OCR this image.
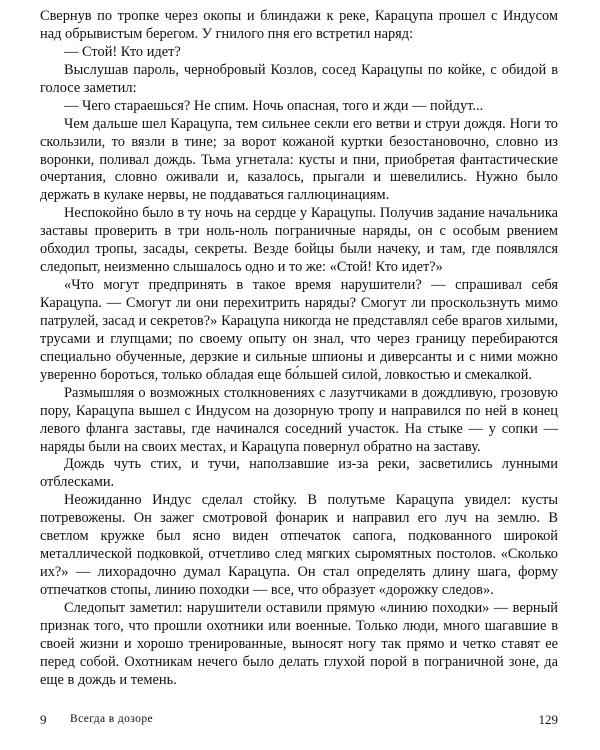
Свернув по тропке через окопы и блиндажи к реке, Карацупа прошел с Индусом над обрывистым берегом. У гнилого пня его встретил наряд:

— Стой! Кто идет?

Выслушав пароль, чернобровый Козлов, сосед Карацупы по койке, с обидой в голосе заметил:

— Чего стараешься? Не спим. Ночь опасная, того и жди — пойдут...

Чем дальше шел Карацупа, тем сильнее секли его ветви и струи дождя. Ноги то скользили, то вязли в тине; за ворот кожаной куртки безостановочно, словно из воронки, поливал дождь. Тьма угнетала: кусты и пни, приобретая фантастические очертания, словно оживали и, казалось, прыгали и шевелились. Нужно было держать в кулаке нервы, не поддаваться галлюцинациям.

Неспокойно было в ту ночь на сердце у Карацупы. Получив задание начальника заставы проверить в три ноль-ноль пограничные наряды, он с особым рвением обходил тропы, засады, секреты. Везде бойцы были начеку, и там, где появлялся следопыт, неизменно слышалось одно и то же: «Стой! Кто идет?»

«Что могут предпринять в такое время нарушители? — спрашивал себя Карацупа. — Смогут ли они перехитрить наряды? Смогут ли проскользнуть мимо патрулей, засад и секретов?» Карацупа никогда не представлял себе врагов хилыми, трусами и глупцами; по своему опыту он знал, что через границу перебираются специально обученные, дерзкие и сильные шпионы и диверсанты и с ними можно уверенно бороться, только обладая еще бо́льшей силой, ловкостью и смекалкой.

Размышляя о возможных столкновениях с лазутчиками в дождливую, грозовую пору, Карацупа вышел с Индусом на дозорную тропу и направился по ней в конец левого фланга заставы, где начинался соседний участок. На стыке — у сопки — наряды были на своих местах, и Карацупа повернул обратно на заставу.

Дождь чуть стих, и тучи, наползавшие из-за реки, засветились лунными отблесками.

Неожиданно Индус сделал стойку. В полутьме Карацупа увидел: кусты потревожены. Он зажег смотровой фонарик и направил его луч на землю. В светлом кружке был ясно виден отпечаток сапога, подкованного широкой металлической подковкой, отчетливо след мягких сыромятных постолов. «Сколько их?» — лихорадочно думал Карацупа. Он стал определять длину шага, форму отпечатков стопы, линию походки — все, что образует «дорожку следов».

Следопыт заметил: нарушители оставили прямую «линию походки» — верный признак того, что прошли охотники или военные. Только люди, много шагавшие в своей жизни и хорошо тренированные, выносят ногу так прямо и четко ставят ее перед собой. Охотникам нечего было делать глухой порой в пограничной зоне, да еще в дождь и темень.

9 Всегда в дозоре	129
